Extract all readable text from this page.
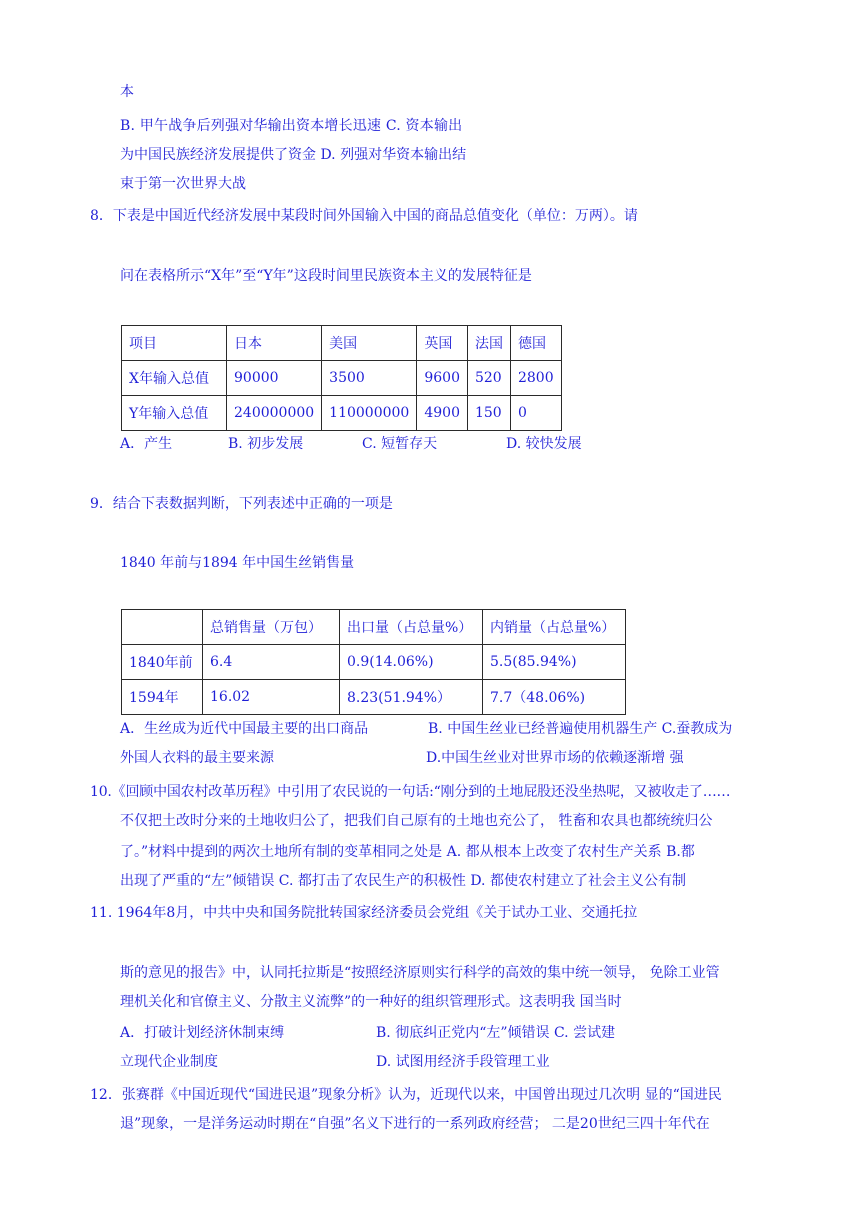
本
B. 甲午战争后列强对华输出资本增长迅速 C. 资本输出
为中国民族经济发展提供了资金 D. 列强对华资本输出结
束于第一次世界大战
8．下表是中国近代经济发展中某段时间外国输入中国的商品总值变化（单位：万两）。请
问在表格所示“X年”至“Y年”这段时间里民族资本主义的发展特征是
项目	日本	美国	英国	法国	德国
X年输入总值	90000	3500	9600	520	2800
Y年输入总值	240000000	110000000	4900	150	0
A．产生	B. 初步发展	C. 短暂存天	D. 较快发展
9．结合下表数据判断，下列表述中正确的一项是
1840 年前与1894 年中国生丝销售量
	总销售量（万包）	出口量（占总量%）	内销量（占总量%）
1840年前	6.4	0.9(14.06%)	5.5(85.94%)
1594年	16.02	8.23(51.94%）	7.7（48.06%)
A．生丝成为近代中国最主要的出口商品	B. 中国生丝业已经普遍使用机器生产 C.蚕教成为
外国人衣料的最主要来源	D.中国生丝业对世界市场的依赖逐渐增 强
10.《回顾中国农村改革历程》中引用了农民说的一句话:“刚分到的土地屁股还没坐热呢，又被收走了……
不仅把土改时分来的土地收归公了，把我们自己原有的土地也充公了， 牲畜和农具也都统统归公
了。”材料中提到的两次土地所有制的变革相同之处是 A. 都从根本上改变了农村生产关系 B.都
出现了严重的“左”倾错误 C. 都打击了农民生产的积极性 D. 都使农村建立了社会主义公有制
11. 1964年8月，中共中央和国务院批转国家经济委员会党组《关于试办工业、交通托拉
斯的意见的报告》中，认同托拉斯是“按照经济原则实行科学的高效的集中统一领导， 免除工业管
理机关化和官僚主义、分散主义流弊”的一种好的组织管理形式。这表明我 国当时
A．打破计划经济休制束缚	B. 彻底纠正党内“左”倾错误 C. 尝试建
立现代企业制度	D. 试图用经济手段管理工业
12．张赛群《中国近现代“国进民退”现象分析》认为，近现代以来，中国曾出现过几次明 显的“国进民
退”现象，一是洋务运动时期在“自强”名义下进行的一系列政府经营； 二是20世纪三四十年代在
